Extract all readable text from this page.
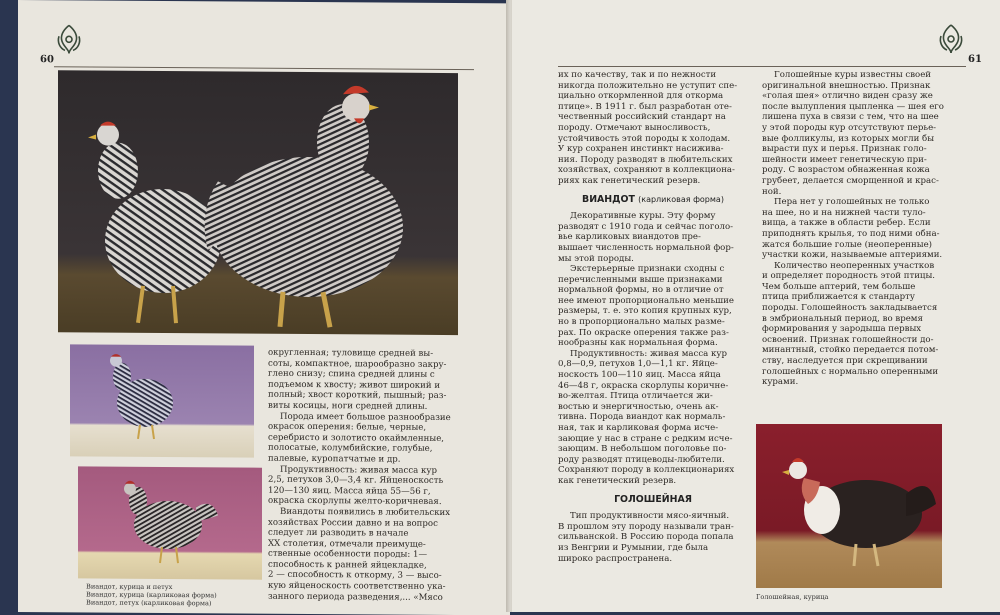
60

округленная; туловище средней вы-

соты, компактное, шарообразно закру-

глено снизу; спина средней длины с

подъемом к хвосту; живот широкий и

полный; хвост короткий, пышный; раз-

виты косицы, ноги средней длины.

Порода имеет большое разнообразие

окрасок оперения: белые, черные,

серебристо и золотисто окаймленные,

полосатые, колумбийские, голубые,

палевые, куропатчатые и др.

Продуктивность: живая масса кур

2,5, петухов 3,0—3,4 кг. Яйценоскость

120—130 яиц. Масса яйца 55—56 г,

окраска скорлупы желто-коричневая.

Виандоты появились в любительских

хозяйствах России давно и на вопрос

следует ли разводить в начале

XX столетия, отмечали преимуще-

ственные особенности породы: 1—

способность к ранней яйцекладке,

2 — способность к откорму, 3 — высо-

кую яйценоскость соответственно ука-

занного периода разведения,... «Мясо

Виандот, курица и петух
Виандот, курица (карликовая форма)
Виандот, петух (карликовая форма)
61

их по качеству, так и по нежности

никогда положительно не уступит спе-

циально откормленной для откорма

птице». В 1911 г. был разработан оте-

чественный российский стандарт на

породу. Отмечают выносливость,

устойчивость этой породы к холодам.

У кур сохранен инстинкт насижива-

ния. Породу разводят в любительских

хозяйствах, сохраняют в коллекциона-

риях как генетический резерв.

ВИАНДОТ (карликовая форма)

Декоративные куры. Эту форму

разводят с 1910 года и сейчас поголо-

вье карликовых виандотов пре-

вышает численность нормальной фор-

мы этой породы.

Экстерьерные признаки сходны с

перечисленными выше признаками

нормальной формы, но в отличие от

нее имеют пропорционально меньшие

размеры, т. е. это копия крупных кур,

но в пропорционально малых разме-

рах. По окраске оперения также раз-

нообразны как нормальная форма.

Продуктивность: живая масса кур

0,8—0,9, петухов 1,0—1,1 кг. Яйце-

носкость 100—110 яиц. Масса яйца

46—48 г, окраска скорлупы коричне-

во-желтая. Птица отличается жи-

востью и энергичностью, очень ак-

тивна. Порода виандот как нормаль-

ная, так и карликовая форма исче-

зающие у нас в стране с редким исче-

зающим. В небольшом поголовье по-

роду разводят птицеводы-любители.

Сохраняют породу в коллекционариях

как генетический резерв.

ГОЛОШЕЙНАЯ

Тип продуктивности мясо-яичный.

В прошлом эту породу называли тран-

сильванской. В Россию порода попала

из Венгрии и Румынии, где была

широко распространена.

Голошейные куры известны своей

оригинальной внешностью. Признак

«голая шея» отлично виден сразу же

после вылупления цыпленка — шея его

лишена пуха в связи с тем, что на шее

у этой породы кур отсутствуют перье-

вые фолликулы, из которых могли бы

вырасти пух и перья. Признак голо-

шейности имеет генетическую при-

роду. С возрастом обнаженная кожа

грубеет, делается сморщенной и крас-

ной.

Пера нет у голошейных не только

на шее, но и на нижней части туло-

вища, а также в области ребер. Если

приподнять крылья, то под ними обна-

жатся большие голые (неоперенные)

участки кожи, называемые аптериями.

Количество неоперенных участков

и определяет породность этой птицы.

Чем больше аптерий, тем больше

птица приближается к стандарту

породы. Голошейность закладывается

в эмбриональный период, во время

формирования у зародыша первых

освоений. Признак голошейности до-

минантный, стойко передается потом-

ству, наследуется при скрещивании

голошейных с нормально оперенными

курами.

Голошейная, курица
